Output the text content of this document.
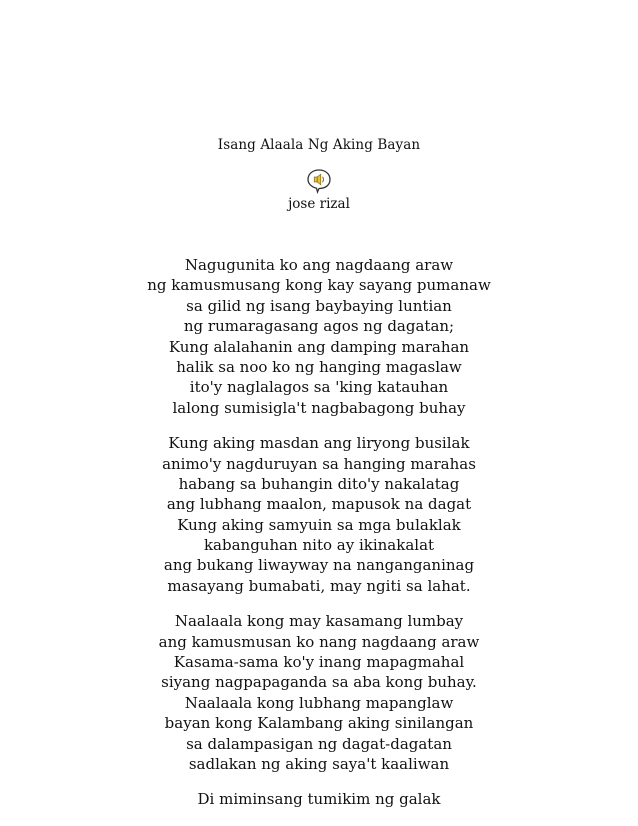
Isang Alaala Ng Aking Bayan
jose rizal
Nagugunita ko ang nagdaang araw
ng kamusmusang kong kay sayang pumanaw
sa gilid ng isang baybaying luntian
ng rumaragasang agos ng dagatan;
Kung alalahanin ang damping marahan
halik sa noo ko ng hanging magaslaw
ito'y naglalagos sa 'king katauhan
lalong sumisigla't nagbabagong buhay
Kung aking masdan ang liryong busilak
animo'y nagduruyan sa hanging marahas
habang sa buhangin dito'y nakalatag
ang lubhang maalon, mapusok na dagat
Kung aking samyuin sa mga bulaklak
kabanguhan nito ay ikinakalat
ang bukang liwayway na nanganganinag
masayang bumabati, may ngiti sa lahat.
Naalaala kong may kasamang lumbay
ang kamusmusan ko nang nagdaang araw
Kasama-sama ko'y inang mapagmahal
siyang nagpapaganda sa aba kong buhay.
Naalaala kong lubhang mapanglaw
bayan kong Kalambang aking sinilangan
sa dalampasigan ng dagat-dagatan
sadlakan ng aking saya't kaaliwan
Di miminsang tumikim ng galak
